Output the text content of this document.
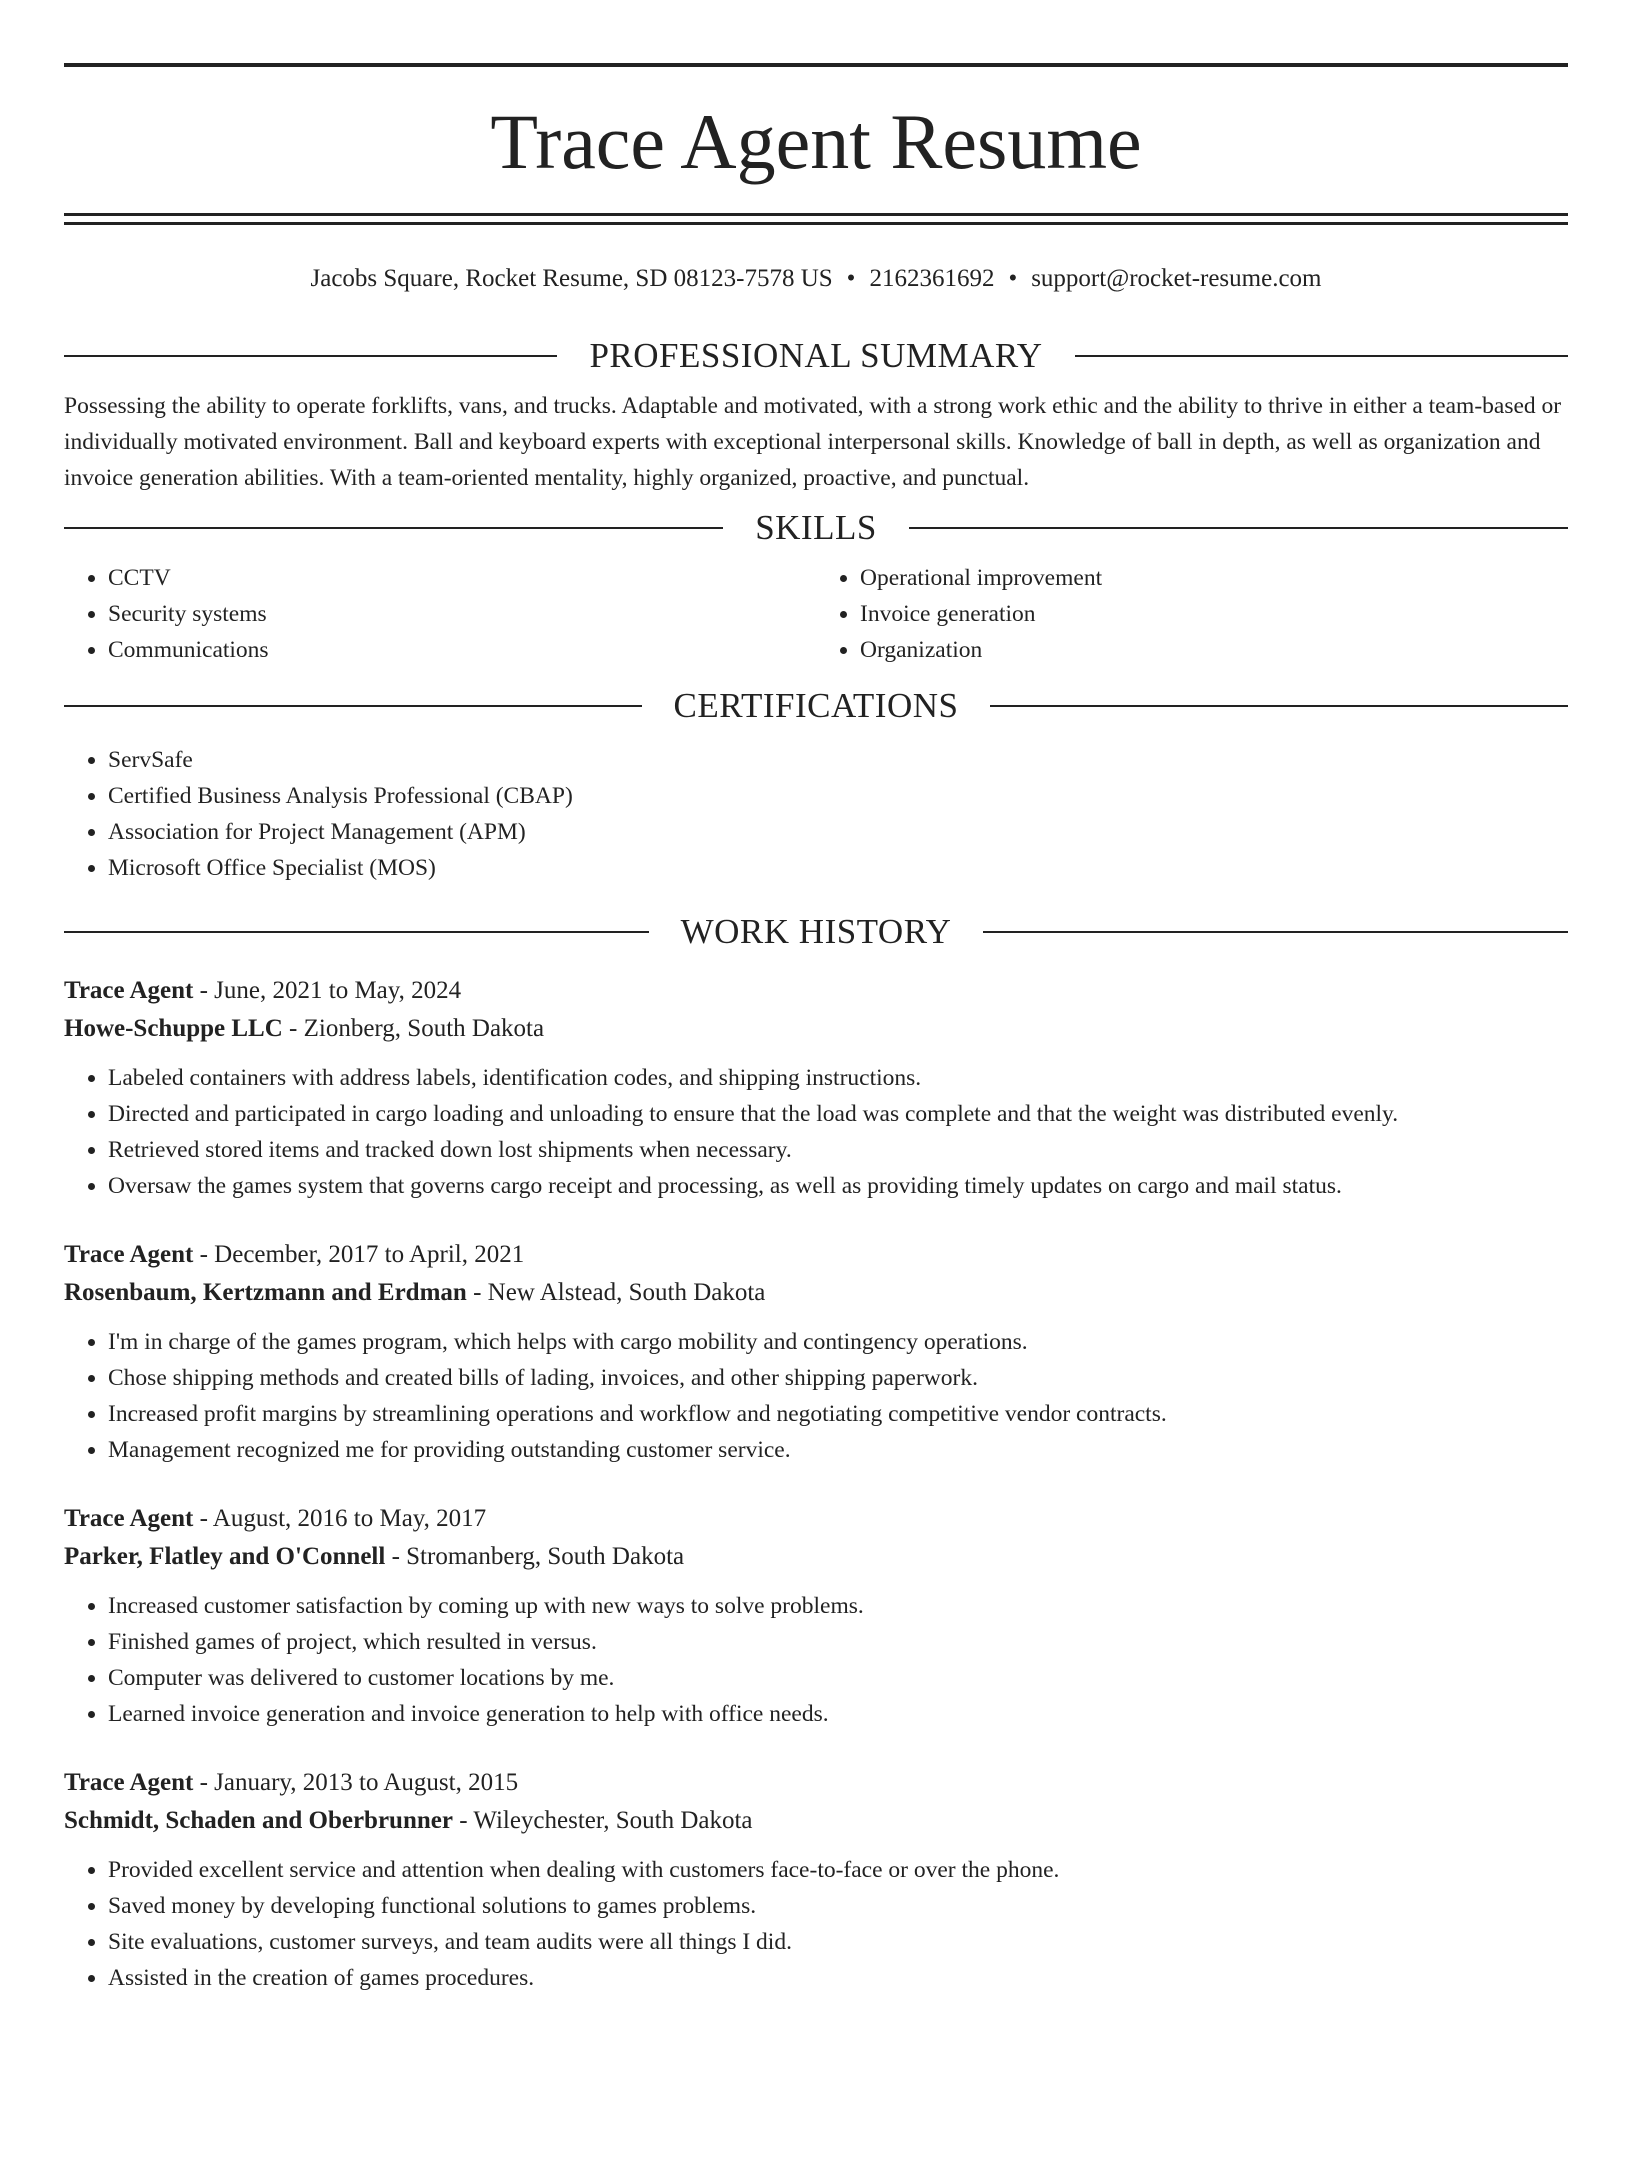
Trace Agent Resume
Jacobs Square, Rocket Resume, SD 08123-7578 US • 2162361692 • support@rocket-resume.com
PROFESSIONAL SUMMARY

Possessing the ability to operate forklifts, vans, and trucks. Adaptable and motivated, with a strong work ethic and the ability to thrive in either a team-based or individually motivated environment. Ball and keyboard experts with exceptional interpersonal skills. Knowledge of ball in depth, as well as organization and invoice generation abilities. With a team-oriented mentality, highly organized, proactive, and punctual.

SKILLS
• CCTV
• Security systems
• Communications
• Operational improvement
• Invoice generation
• Organization
CERTIFICATIONS
• ServSafe
• Certified Business Analysis Professional (CBAP)
• Association for Project Management (APM)
• Microsoft Office Specialist (MOS)
WORK HISTORY

Trace Agent - June, 2021 to May, 2024

Howe-Schuppe LLC - Zionberg, South Dakota

• Labeled containers with address labels, identification codes, and shipping instructions.
• Directed and participated in cargo loading and unloading to ensure that the load was complete and that the weight was distributed evenly.
• Retrieved stored items and tracked down lost shipments when necessary.
• Oversaw the games system that governs cargo receipt and processing, as well as providing timely updates on cargo and mail status.

Trace Agent - December, 2017 to April, 2021

Rosenbaum, Kertzmann and Erdman - New Alstead, South Dakota

• I'm in charge of the games program, which helps with cargo mobility and contingency operations.
• Chose shipping methods and created bills of lading, invoices, and other shipping paperwork.
• Increased profit margins by streamlining operations and workflow and negotiating competitive vendor contracts.
• Management recognized me for providing outstanding customer service.

Trace Agent - August, 2016 to May, 2017

Parker, Flatley and O'Connell - Stromanberg, South Dakota

• Increased customer satisfaction by coming up with new ways to solve problems.
• Finished games of project, which resulted in versus.
• Computer was delivered to customer locations by me.
• Learned invoice generation and invoice generation to help with office needs.

Trace Agent - January, 2013 to August, 2015

Schmidt, Schaden and Oberbrunner - Wileychester, South Dakota

• Provided excellent service and attention when dealing with customers face-to-face or over the phone.
• Saved money by developing functional solutions to games problems.
• Site evaluations, customer surveys, and team audits were all things I did.
• Assisted in the creation of games procedures.
